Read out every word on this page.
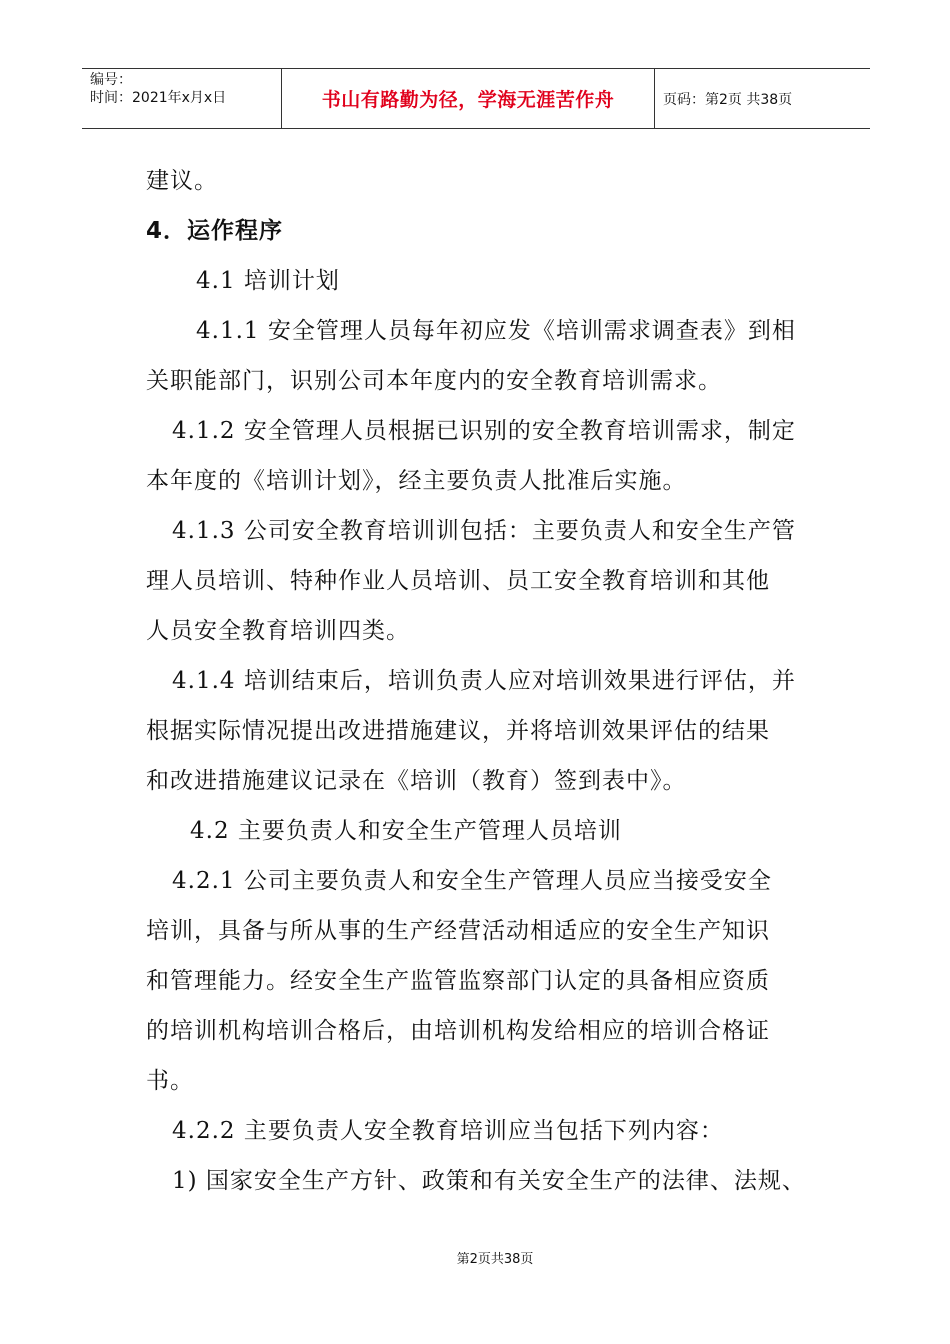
编号：
时间：2021年x月x日	书山有路勤为径，学海无涯苦作舟	页码：第2页 共38页

建议。

4．运作程序

4.1 培训计划

4.1.1 安全管理人员每年初应发《培训需求调查表》到相

关职能部门，识别公司本年度内的安全教育培训需求。

4.1.2 安全管理人员根据已识别的安全教育培训需求，制定

本年度的《培训计划》，经主要负责人批准后实施。

4.1.3 公司安全教育培训训包括：主要负责人和安全生产管

理人员培训、特种作业人员培训、员工安全教育培训和其他

人员安全教育培训四类。

4.1.4 培训结束后，培训负责人应对培训效果进行评估，并

根据实际情况提出改进措施建议，并将培训效果评估的结果

和改进措施建议记录在《培训（教育）签到表中》。

4.2 主要负责人和安全生产管理人员培训

4.2.1 公司主要负责人和安全生产管理人员应当接受安全

培训，具备与所从事的生产经营活动相适应的安全生产知识

和管理能力。经安全生产监管监察部门认定的具备相应资质

的培训机构培训合格后，由培训机构发给相应的培训合格证

书。

4.2.2 主要负责人安全教育培训应当包括下列内容：

1) 国家安全生产方针、政策和有关安全生产的法律、法规、

第2页共38页
